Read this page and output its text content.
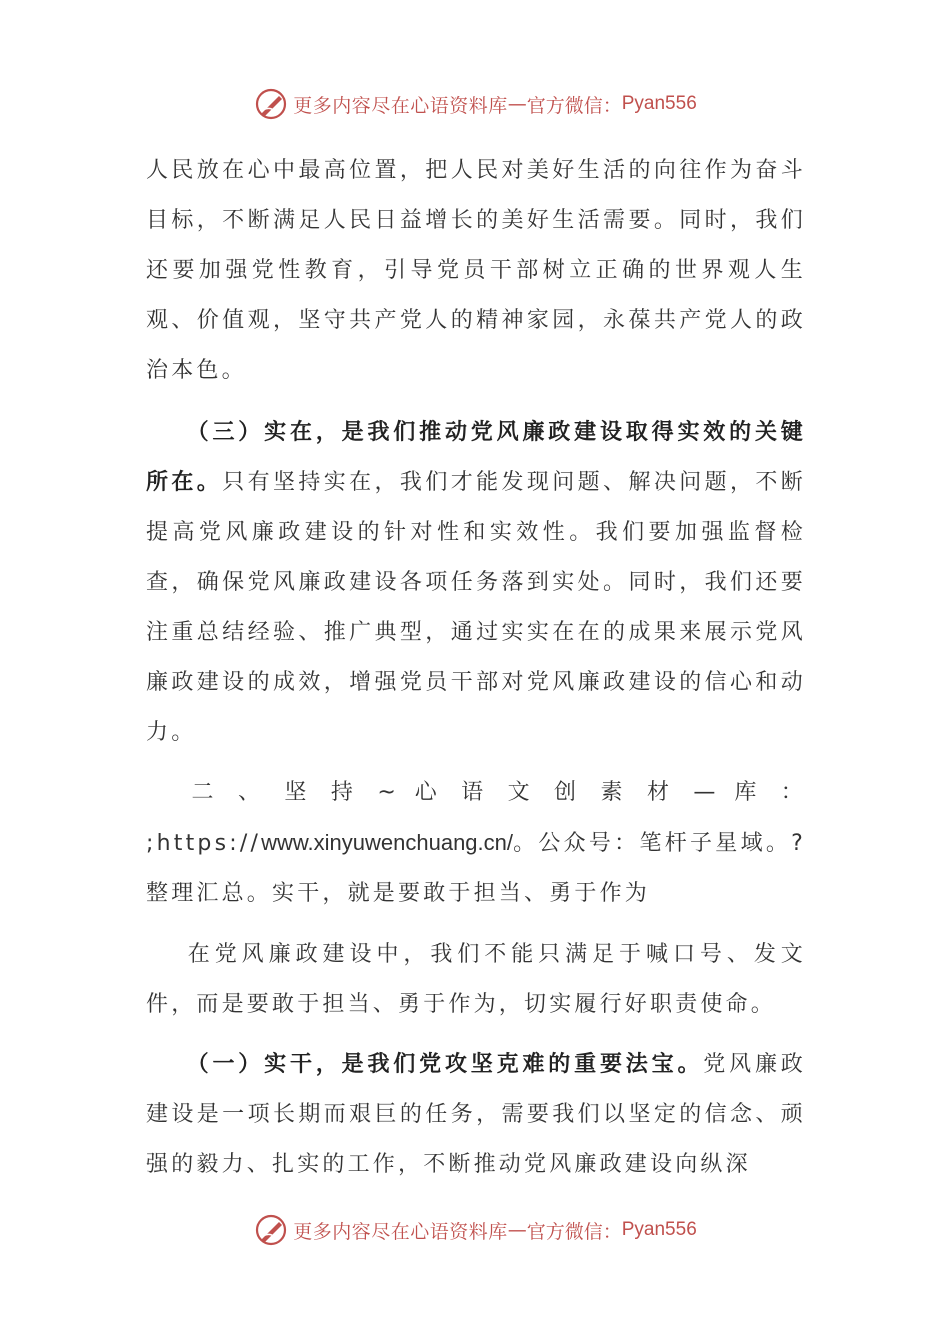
更多内容尽在心语资料库 — 官方微信： Pyan556

人民放在心中最高位置，把人民对美好生活的向往作为奋斗目标，不断满足人民日益增长的美好生活需要。同时，我们还要加强党性教育，引导党员干部树立正确的世界观人生观、价值观，坚守共产党人的精神家园，永葆共产党人的政治本色。

（三）实在，是我们推动党风廉政建设取得实效的关键所在。只有坚持实在，我们才能发现问题、解决问题，不断提高党风廉政建设的针对性和实效性。我们要加强监督检查，确保党风廉政建设各项任务落到实处。同时，我们还要注重总结经验、推广典型，通过实实在在的成果来展示党风廉政建设的成效，增强党员干部对党风廉政建设的信心和动力。

二 、 坚 持 ~ 心 语 文 创 素 材 — 库 ： ;https://www.xinyuwenchuang.cn/。公众号：笔杆子星域。?整理汇总。实干，就是要敢于担当、勇于作为

在党风廉政建设中，我们不能只满足于喊口号、发文件，而是要敢于担当、勇于作为，切实履行好职责使命。

（一）实干，是我们党攻坚克难的重要法宝。党风廉政建设是一项长期而艰巨的任务，需要我们以坚定的信念、顽强的毅力、扎实的工作，不断推动党风廉政建设向纵深

更多内容尽在心语资料库 — 官方微信： Pyan556
